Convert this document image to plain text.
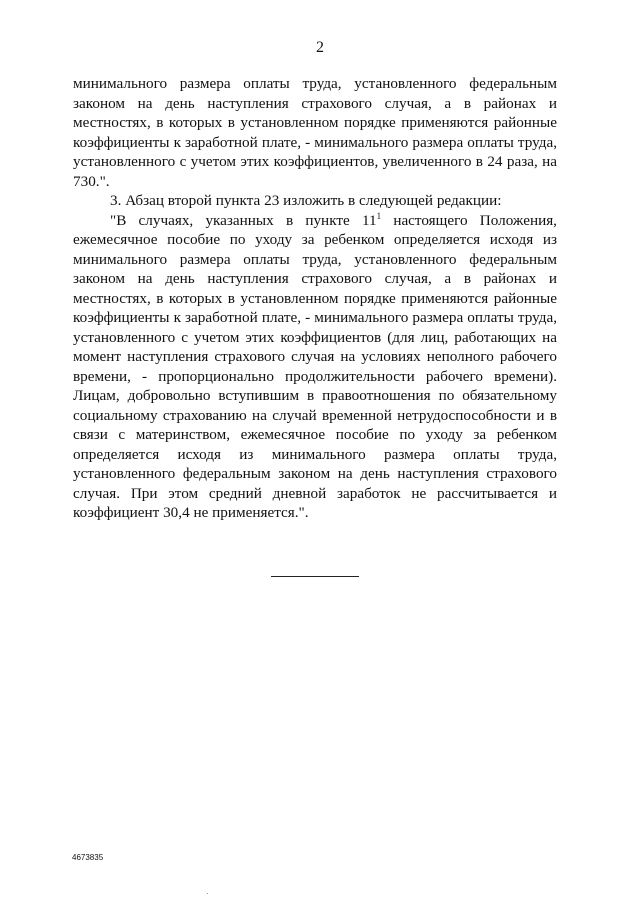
2

минимального размера оплаты труда, установленного федеральным законом на день наступления страхового случая, а в районах и местностях, в которых в установленном порядке применяются районные коэффициенты к заработной плате, - минимального размера оплаты труда, установленного с учетом этих коэффициентов, увеличенного в 24 раза, на 730.".

3. Абзац второй пункта 23 изложить в следующей редакции:

"В случаях, указанных в пункте $11^1$ настоящего Положения, ежемесячное пособие по уходу за ребенком определяется исходя из минимального размера оплаты труда, установленного федеральным законом на день наступления страхового случая, а в районах и местностях, в которых в установленном порядке применяются районные коэффициенты к заработной плате, - минимального размера оплаты труда, установленного с учетом этих коэффициентов (для лиц, работающих на момент наступления страхового случая на условиях неполного рабочего времени, - пропорционально продолжительности рабочего времени). Лицам, добровольно вступившим в правоотношения по обязательному социальному страхованию на случай временной нетрудоспособности и в связи с материнством, ежемесячное пособие по уходу за ребенком определяется исходя из минимального размера оплаты труда, установленного федеральным законом на день наступления страхового случая. При этом средний дневной заработок не рассчитывается и коэффициент 30,4 не применяется.".

4673835
